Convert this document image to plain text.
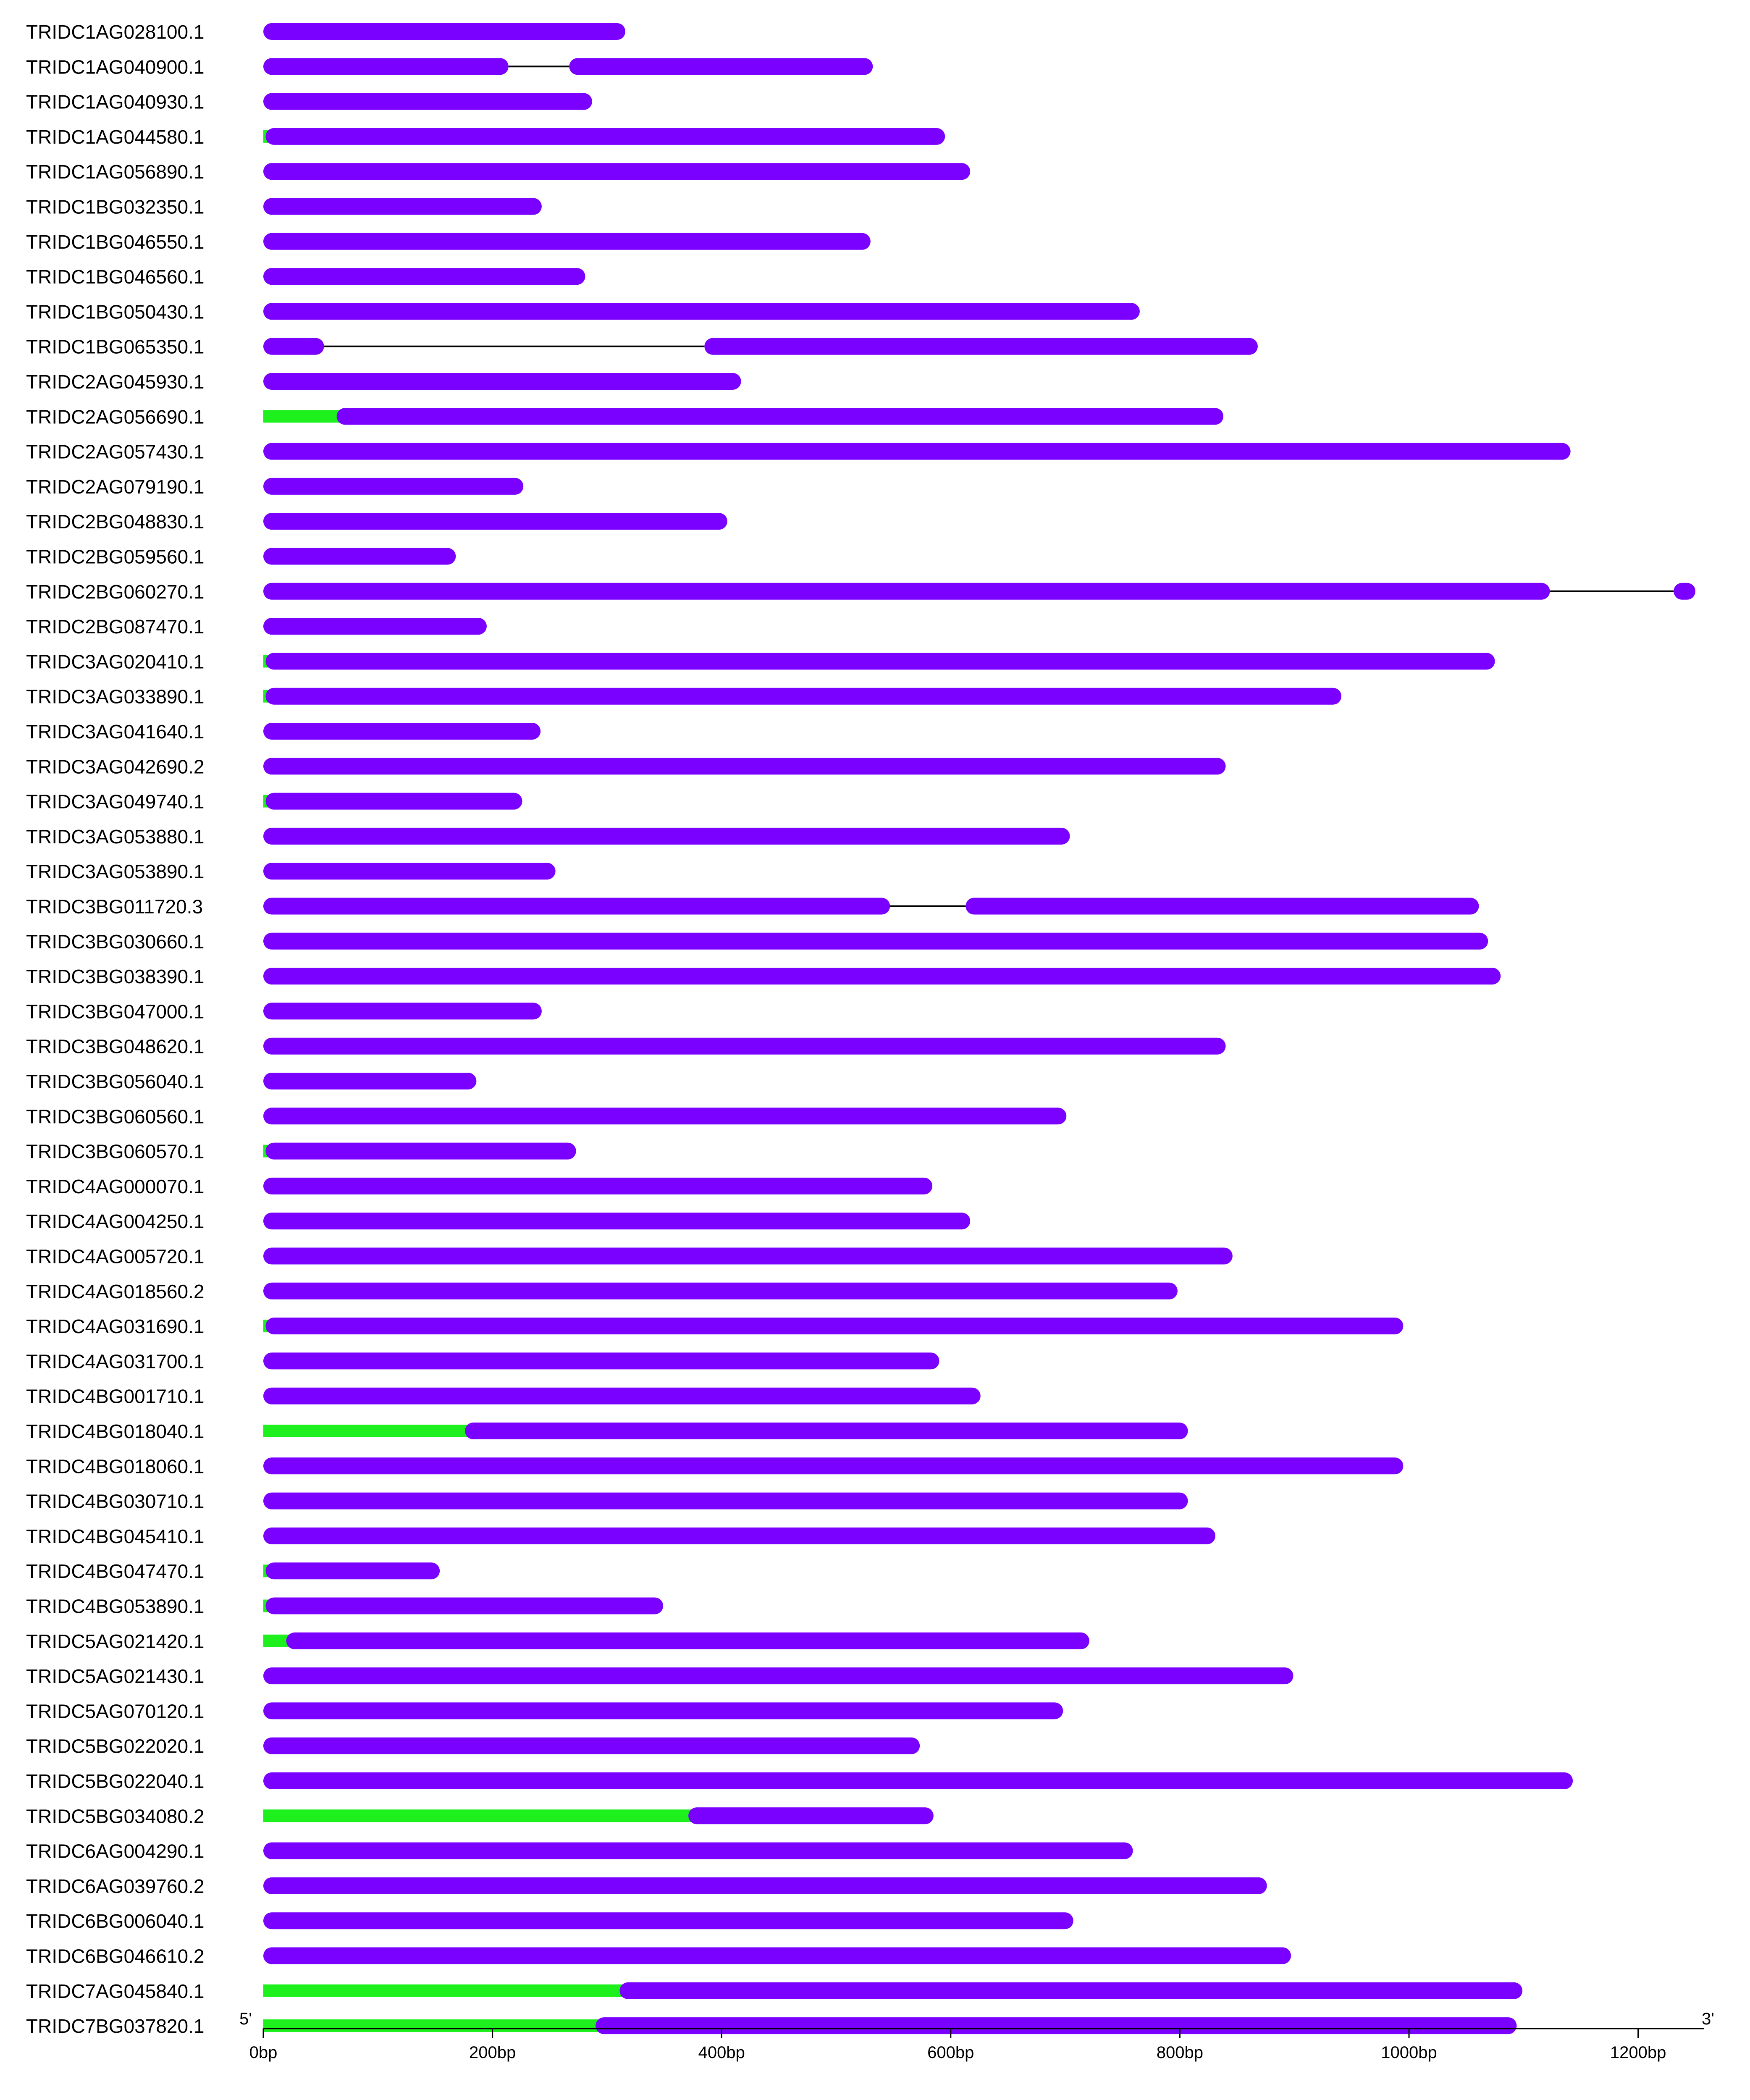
TRIDC1AG028100.1
TRIDC1AG040900.1
TRIDC1AG040930.1
TRIDC1AG044580.1
TRIDC1AG056890.1
TRIDC1BG032350.1
TRIDC1BG046550.1
TRIDC1BG046560.1
TRIDC1BG050430.1
TRIDC1BG065350.1
TRIDC2AG045930.1
TRIDC2AG056690.1
TRIDC2AG057430.1
TRIDC2AG079190.1
TRIDC2BG048830.1
TRIDC2BG059560.1
TRIDC2BG060270.1
TRIDC2BG087470.1
TRIDC3AG020410.1
TRIDC3AG033890.1
TRIDC3AG041640.1
TRIDC3AG042690.2
TRIDC3AG049740.1
TRIDC3AG053880.1
TRIDC3AG053890.1
TRIDC3BG011720.3
TRIDC3BG030660.1
TRIDC3BG038390.1
TRIDC3BG047000.1
TRIDC3BG048620.1
TRIDC3BG056040.1
TRIDC3BG060560.1
TRIDC3BG060570.1
TRIDC4AG000070.1
TRIDC4AG004250.1
TRIDC4AG005720.1
TRIDC4AG018560.2
TRIDC4AG031690.1
TRIDC4AG031700.1
TRIDC4BG001710.1
TRIDC4BG018040.1
TRIDC4BG018060.1
TRIDC4BG030710.1
TRIDC4BG045410.1
TRIDC4BG047470.1
TRIDC4BG053890.1
TRIDC5AG021420.1
TRIDC5AG021430.1
TRIDC5AG070120.1
TRIDC5BG022020.1
TRIDC5BG022040.1
TRIDC5BG034080.2
TRIDC6AG004290.1
TRIDC6AG039760.2
TRIDC6BG006040.1
TRIDC6BG046610.2
TRIDC7AG045840.1
TRIDC7BG037820.1 5'	3'
0bp	200bp	400bp	600bp	800bp	1000bp	1200bp
